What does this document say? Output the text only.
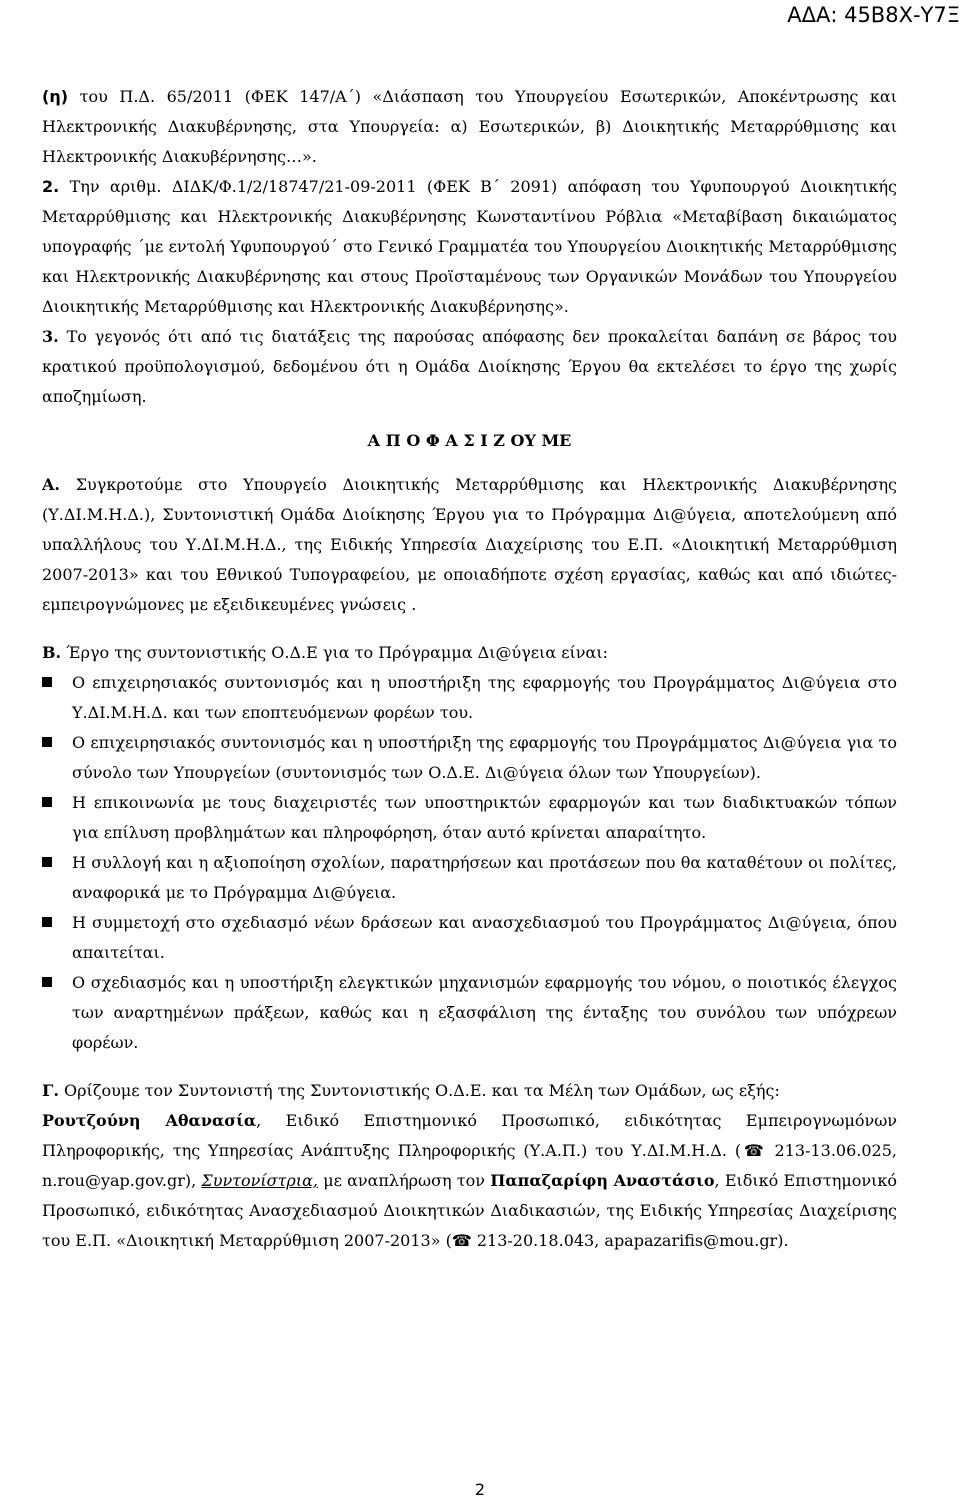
ΑΔΑ: 45Β8Χ-Υ7Ξ

(η) του Π.Δ. 65/2011 (ΦΕΚ 147/Α΄) «Διάσπαση του Υπουργείου Εσωτερικών, Αποκέντρωσης και Ηλεκτρονικής Διακυβέρνησης, στα Υπουργεία: α) Εσωτερικών, β) Διοικητικής Μεταρρύθμισης και Ηλεκτρονικής Διακυβέρνησης…».

2. Την αριθμ. ΔΙΔΚ/Φ.1/2/18747/21-09-2011 (ΦΕΚ Β΄ 2091) απόφαση του Υφυπουργού Διοικητικής Μεταρρύθμισης και Ηλεκτρονικής Διακυβέρνησης Κωνσταντίνου Ρόβλια «Μεταβίβαση δικαιώματος υπογραφής ΄με εντολή Υφυπουργού΄ στο Γενικό Γραμματέα του Υπουργείου Διοικητικής Μεταρρύθμισης και Ηλεκτρονικής Διακυβέρνησης και στους Προϊσταμένους των Οργανικών Μονάδων του Υπουργείου Διοικητικής Μεταρρύθμισης και Ηλεκτρονικής Διακυβέρνησης».

3. Το γεγονός ότι από τις διατάξεις της παρούσας απόφασης δεν προκαλείται δαπάνη σε βάρος του κρατικού προϋπολογισμού, δεδομένου ότι η Ομάδα Διοίκησης Έργου θα εκτελέσει το έργο της χωρίς αποζημίωση.

Α Π Ο Φ Α Σ Ι Ζ ΟΥ ΜΕ

Α. Συγκροτούμε στο Υπουργείο Διοικητικής Μεταρρύθμισης και Ηλεκτρονικής Διακυβέρνησης (Υ.ΔΙ.Μ.Η.Δ.), Συντονιστική Ομάδα Διοίκησης Έργου για το Πρόγραμμα Δι@ύγεια, αποτελούμενη από υπαλλήλους του Υ.ΔΙ.Μ.Η.Δ., της Ειδικής Υπηρεσία Διαχείρισης του Ε.Π. «Διοικητική Μεταρρύθμιση 2007-2013» και του Εθνικού Τυπογραφείου, με οποιαδήποτε σχέση εργασίας, καθώς και από ιδιώτες-εμπειρογνώμονες με εξειδικευμένες γνώσεις .

Β. Έργο της συντονιστικής Ο.Δ.Ε για το Πρόγραμμα Δι@ύγεια είναι:

Ο επιχειρησιακός συντονισμός και η υποστήριξη της εφαρμογής του Προγράμματος Δι@ύγεια στο Υ.ΔΙ.Μ.Η.Δ. και των εποπτευόμενων φορέων του.
Ο επιχειρησιακός συντονισμός και η υποστήριξη της εφαρμογής του Προγράμματος Δι@ύγεια για το σύνολο των Υπουργείων (συντονισμός των Ο.Δ.Ε. Δι@ύγεια όλων των Υπουργείων).
Η επικοινωνία με τους διαχειριστές των υποστηρικτών εφαρμογών και των διαδικτυακών τόπων για επίλυση προβλημάτων και πληροφόρηση, όταν αυτό κρίνεται απαραίτητο.
Η συλλογή και η αξιοποίηση σχολίων, παρατηρήσεων και προτάσεων που θα καταθέτουν οι πολίτες, αναφορικά με το Πρόγραμμα Δι@ύγεια.
Η συμμετοχή στο σχεδιασμό νέων δράσεων και ανασχεδιασμού του Προγράμματος Δι@ύγεια, όπου απαιτείται.
Ο σχεδιασμός και η υποστήριξη ελεγκτικών μηχανισμών εφαρμογής του νόμου, ο ποιοτικός έλεγχος των αναρτημένων πράξεων, καθώς και η εξασφάλιση της ένταξης του συνόλου των υπόχρεων φορέων.

Γ. Ορίζουμε τον Συντονιστή της Συντονιστικής Ο.Δ.Ε. και τα Μέλη των Ομάδων, ως εξής:

Ρουτζούνη Αθανασία, Ειδικό Επιστημονικό Προσωπικό, ειδικότητας Εμπειρογνωμόνων Πληροφορικής, της Υπηρεσίας Ανάπτυξης Πληροφορικής (Υ.Α.Π.) του Υ.ΔΙ.Μ.Η.Δ. (☎ 213-13.06.025, n.rou@yap.gov.gr), Συντονίστρια, με αναπλήρωση τον Παπαζαρίφη Αναστάσιο, Ειδικό Επιστημονικό Προσωπικό, ειδικότητας Ανασχεδιασμού Διοικητικών Διαδικασιών, της Ειδικής Υπηρεσίας Διαχείρισης του Ε.Π. «Διοικητική Μεταρρύθμιση 2007-2013» (☎ 213-20.18.043, apapazarifis@mou.gr).

2
